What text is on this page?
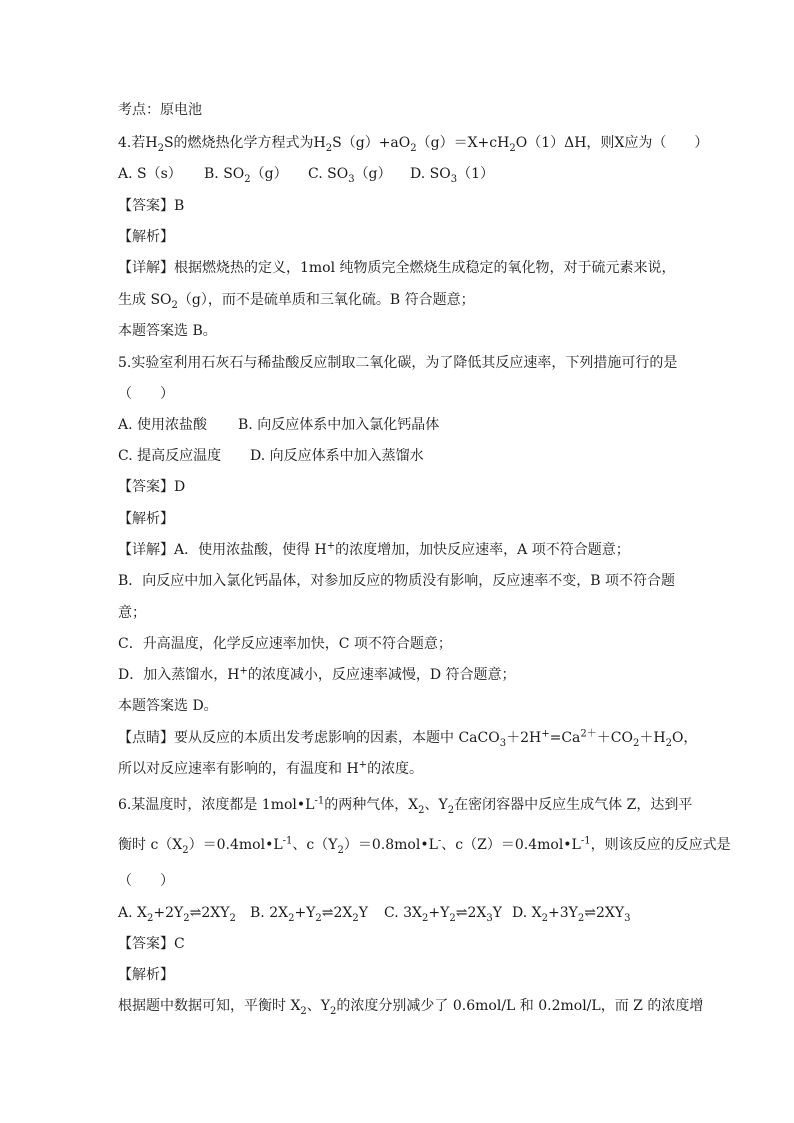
考点：原电池
4.若$H_2S$的燃烧热化学方程式为$H_2S(g)+aO_2(g)=X+cH_2O(1)\Delta H$，则X应为（　　）
A. S（s） B. $SO_2(g)$ C. $SO_3(g)$ D. $SO_3(1)$
【答案】B
【解析】
【详解】根据燃烧热的定义，1mol 纯物质完全燃烧生成稳定的氧化物，对于硫元素来说，
生成 $SO_2(g)$，而不是硫单质和三氧化硫。B 符合题意；
本题答案选 B。
5.实验室利用石灰石与稀盐酸反应制取二氧化碳，为了降低其反应速率，下列措施可行的是
（　　）
A. 使用浓盐酸 B. 向反应体系中加入氯化钙晶体
C. 提高反应温度 D. 向反应体系中加入蒸馏水
【答案】D
【解析】
【详解】A．使用浓盐酸，使得 H+的浓度增加，加快反应速率，A 项不符合题意；
B．向反应中加入氯化钙晶体，对参加反应的物质没有影响，反应速率不变，B 项不符合题
意；
C．升高温度，化学反应速率加快，C 项不符合题意；
D．加入蒸馏水，H+的浓度减小，反应速率减慢，D 符合题意；
本题答案选 D。
【点睛】要从反应的本质出发考虑影响的因素，本题中 $CaCO_3+2H^+=Ca^{2+}+CO_2+H_2O$，
所以对反应速率有影响的，有温度和 H+的浓度。
6.某温度时，浓度都是 $1mol•L^{-1}$的两种气体，$X_2$、$Y_2$在密闭容器中反应生成气体 Z，达到平
衡时 $c(X_2)=0.4mol•L^{-1}$、$c(Y_2)=0.8mol•L^-$、$c(Z)=0.4mol•L^{-1}$，则该反应的反应式是
（　　）
A. $X_2+2Y_2\rightleftharpoons 2XY_2$ B. $2X_2+Y_2\rightleftharpoons 2X_2Y$ C. $3X_2+Y_2\rightleftharpoons 2X_3Y$ D. $X_2+3Y_2\rightleftharpoons 2XY_3$
【答案】C
【解析】
根据题中数据可知，平衡时 $X_2$、$Y_2$的浓度分别减少了 0.6mol/L 和 0.2mol/L，而 Z 的浓度增
